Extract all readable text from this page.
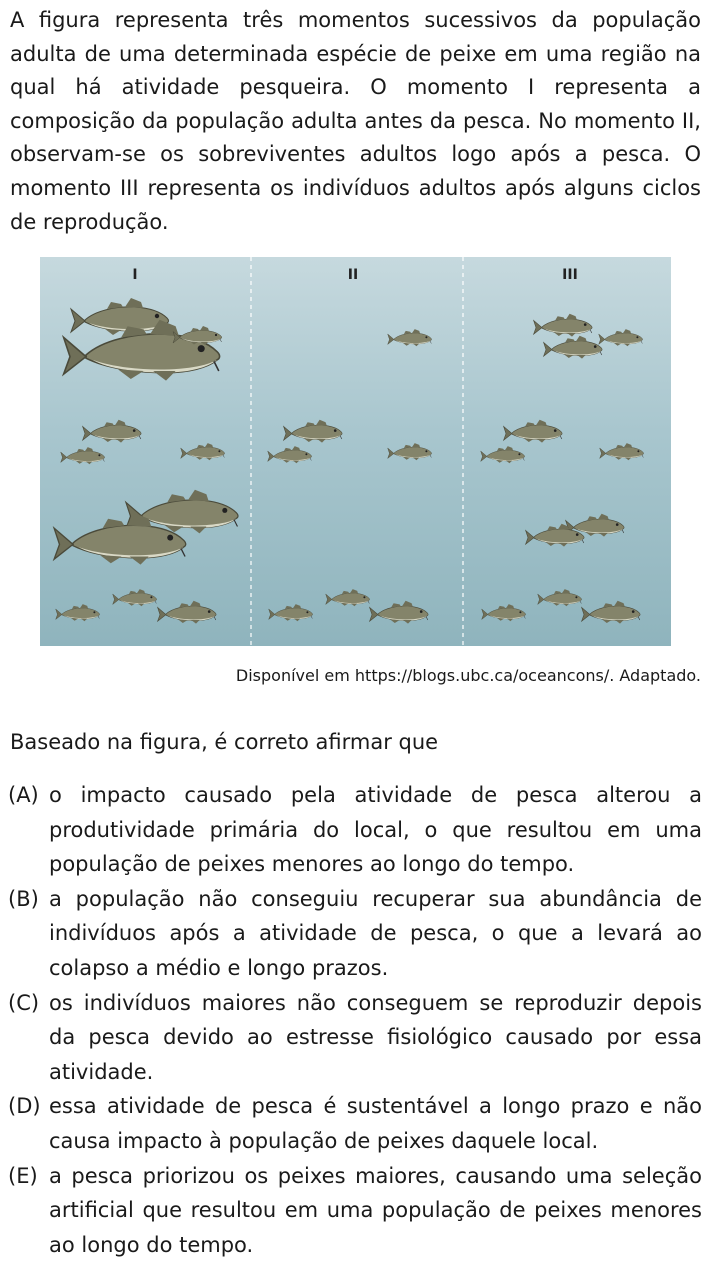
A figura representa três momentos sucessivos da população adulta de uma determinada espécie de peixe em uma região na qual há atividade pesqueira. O momento I representa a composição da população adulta antes da pesca. No momento II, observam-se os sobreviventes adultos logo após a pesca. O momento III representa os indivíduos adultos após alguns ciclos de reprodução.
I	II	III
Disponível em https://blogs.ubc.ca/oceancons/. Adaptado.
Baseado na figura, é correto afirmar que
(A) o impacto causado pela atividade de pesca alterou a produtividade primária do local, o que resultou em uma população de peixes menores ao longo do tempo.
(B) a população não conseguiu recuperar sua abundância de indivíduos após a atividade de pesca, o que a levará ao colapso a médio e longo prazos.
(C) os indivíduos maiores não conseguem se reproduzir depois da pesca devido ao estresse fisiológico causado por essa atividade.
(D) essa atividade de pesca é sustentável a longo prazo e não causa impacto à população de peixes daquele local.
(E) a pesca priorizou os peixes maiores, causando uma seleção artificial que resultou em uma população de peixes menores ao longo do tempo.
